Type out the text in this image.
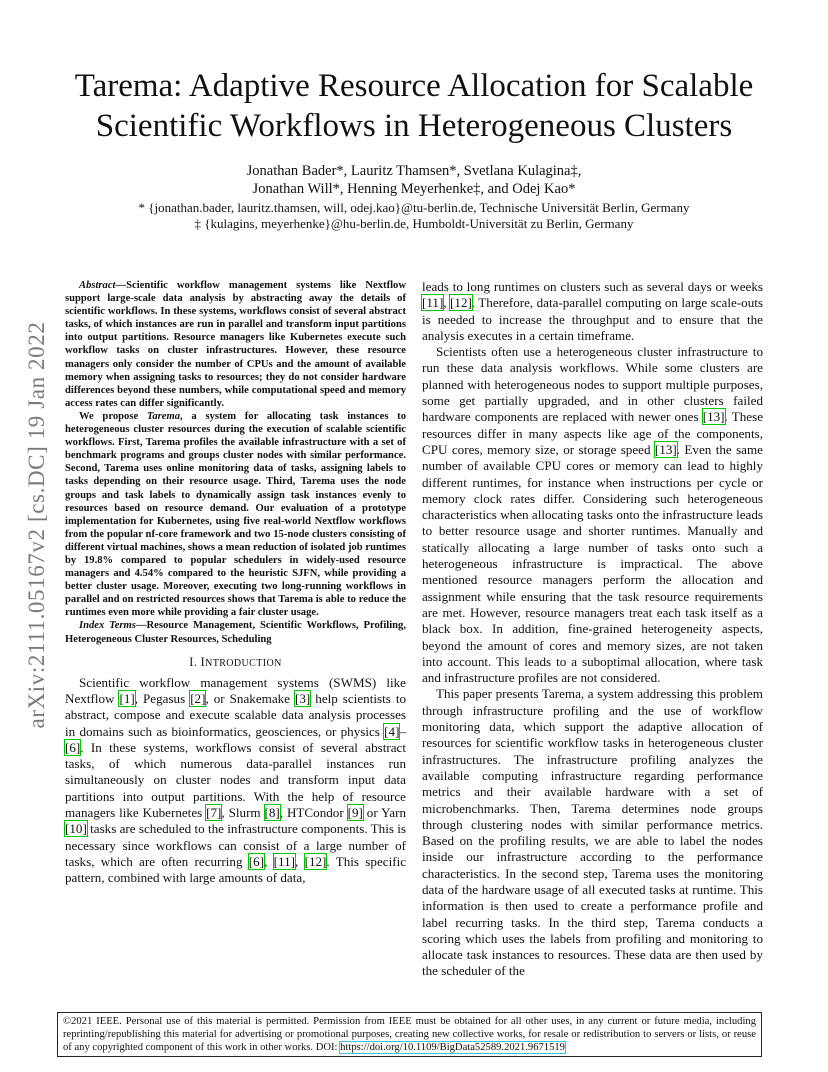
arXiv:2111.05167v2 [cs.DC] 19 Jan 2022
Tarema: Adaptive Resource Allocation for Scalable Scientific Workflows in Heterogeneous Clusters
Jonathan Bader*, Lauritz Thamsen*, Svetlana Kulagina‡,
Jonathan Will*, Henning Meyerhenke‡, and Odej Kao*
* {jonathan.bader, lauritz.thamsen, will, odej.kao}@tu-berlin.de, Technische Universität Berlin, Germany
‡ {kulagins, meyerhenke}@hu-berlin.de, Humboldt-Universität zu Berlin, Germany

Abstract—Scientific workflow management systems like Nextflow support large-scale data analysis by abstracting away the details of scientific workflows. In these systems, workflows consist of several abstract tasks, of which instances are run in parallel and transform input partitions into output partitions. Resource managers like Kubernetes execute such workflow tasks on cluster infrastructures. However, these resource managers only consider the number of CPUs and the amount of available memory when assigning tasks to resources; they do not consider hardware differences beyond these numbers, while computational speed and memory access rates can differ significantly.

We propose Tarema, a system for allocating task instances to heterogeneous cluster resources during the execution of scalable scientific workflows. First, Tarema profiles the available infrastructure with a set of benchmark programs and groups cluster nodes with similar performance. Second, Tarema uses online monitoring data of tasks, assigning labels to tasks depending on their resource usage. Third, Tarema uses the node groups and task labels to dynamically assign task instances evenly to resources based on resource demand. Our evaluation of a prototype implementation for Kubernetes, using five real-world Nextflow workflows from the popular nf-core framework and two 15-node clusters consisting of different virtual machines, shows a mean reduction of isolated job runtimes by 19.8% compared to popular schedulers in widely-used resource managers and 4.54% compared to the heuristic SJFN, while providing a better cluster usage. Moreover, executing two long-running workflows in parallel and on restricted resources shows that Tarema is able to reduce the runtimes even more while providing a fair cluster usage.

Index Terms—Resource Management, Scientific Workflows, Profiling, Heterogeneous Cluster Resources, Scheduling

I. INTRODUCTION

Scientific workflow management systems (SWMS) like Nextflow [1], Pegasus [2], or Snakemake [3] help scientists to abstract, compose and execute scalable data analysis processes in domains such as bioinformatics, geosciences, or physics [4]–[6]. In these systems, workflows consist of several abstract tasks, of which numerous data-parallel instances run simultaneously on cluster nodes and transform input data partitions into output partitions. With the help of resource managers like Kubernetes [7], Slurm [8], HTCondor [9] or Yarn [10] tasks are scheduled to the infrastructure components. This is necessary since workflows can consist of a large number of tasks, which are often recurring [6], [11], [12]. This specific pattern, combined with large amounts of data,

leads to long runtimes on clusters such as several days or weeks [11], [12]. Therefore, data-parallel computing on large scale-outs is needed to increase the throughput and to ensure that the analysis executes in a certain timeframe.

Scientists often use a heterogeneous cluster infrastructure to run these data analysis workflows. While some clusters are planned with heterogeneous nodes to support multiple purposes, some get partially upgraded, and in other clusters failed hardware components are replaced with newer ones [13]. These resources differ in many aspects like age of the components, CPU cores, memory size, or storage speed [13]. Even the same number of available CPU cores or memory can lead to highly different runtimes, for instance when instructions per cycle or memory clock rates differ. Considering such heterogeneous characteristics when allocating tasks onto the infrastructure leads to better resource usage and shorter runtimes. Manually and statically allocating a large number of tasks onto such a heterogeneous infrastructure is impractical. The above mentioned resource managers perform the allocation and assignment while ensuring that the task resource requirements are met. However, resource managers treat each task itself as a black box. In addition, fine-grained heterogeneity aspects, beyond the amount of cores and memory sizes, are not taken into account. This leads to a suboptimal allocation, where task and infrastructure profiles are not considered.

This paper presents Tarema, a system addressing this problem through infrastructure profiling and the use of workflow monitoring data, which support the adaptive allocation of resources for scientific workflow tasks in heterogeneous cluster infrastructures. The infrastructure profiling analyzes the available computing infrastructure regarding performance metrics and their available hardware with a set of microbenchmarks. Then, Tarema determines node groups through clustering nodes with similar performance metrics. Based on the profiling results, we are able to label the nodes inside our infrastructure according to the performance characteristics. In the second step, Tarema uses the monitoring data of the hardware usage of all executed tasks at runtime. This information is then used to create a performance profile and label recurring tasks. In the third step, Tarema conducts a scoring which uses the labels from profiling and monitoring to allocate task instances to resources. These data are then used by the scheduler of the

©2021 IEEE. Personal use of this material is permitted. Permission from IEEE must be obtained for all other uses, in any current or future media, including reprinting/republishing this material for advertising or promotional purposes, creating new collective works, for resale or redistribution to servers or lists, or reuse of any copyrighted component of this work in other works. DOI: https://doi.org/10.1109/BigData52589.2021.9671519
